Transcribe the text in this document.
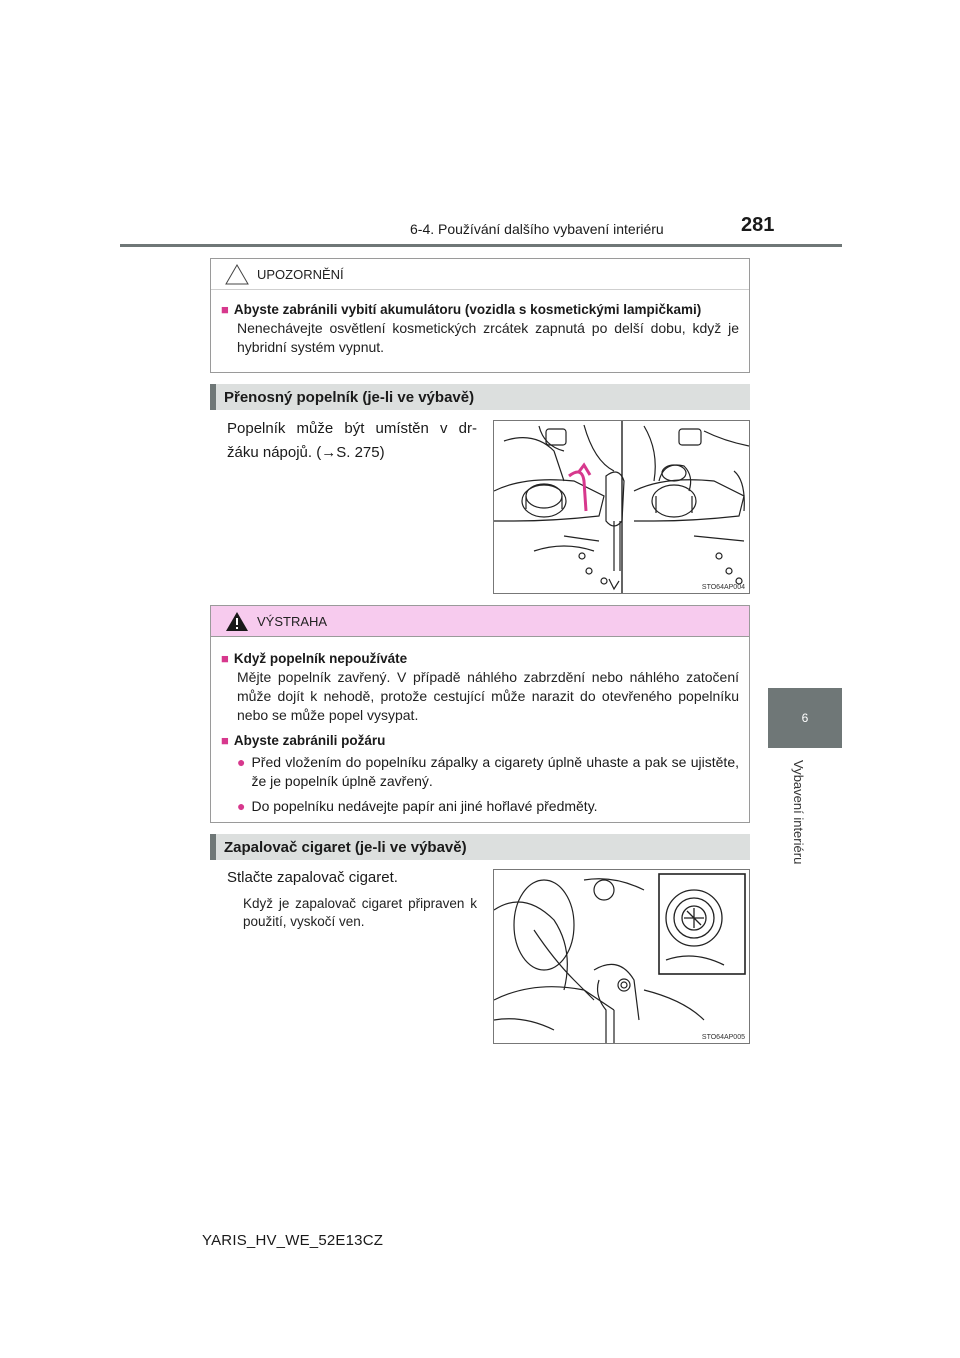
6-4. Používání dalšího vybavení interiéru	281
6
Vybavení interiéru
UPOZORNĚNÍ
■ Abyste zabránili vybití akumulátoru (vozidla s kosmetickými lampičkami)
Nenechávejte osvětlení kosmetických zrcátek zapnutá po delší dobu, když je hybridní systém vypnut.
Přenosný popelník (je-li ve výbavě)
Popelník může být umístěn v dr-
žáku nápojů. (→S. 275)
STO64AP004
VÝSTRAHA
■ Když popelník nepoužíváte
Mějte popelník zavřený. V případě náhlého zabrzdění nebo náhlého zatočení může dojít k nehodě, protože cestující může narazit do otevřeného popelníku nebo se může popel vysypat.
■ Abyste zabránili požáru
● Před vložením do popelníku zápalky a cigarety úplně uhaste a pak se ujistěte, že je popelník úplně zavřený.
● Do popelníku nedávejte papír ani jiné hořlavé předměty.
Zapalovač cigaret (je-li ve výbavě)
Stlačte zapalovač cigaret.
Když je zapalovač cigaret připraven k použití, vyskočí ven.
STO64AP005
YARIS_HV_WE_52E13CZ
